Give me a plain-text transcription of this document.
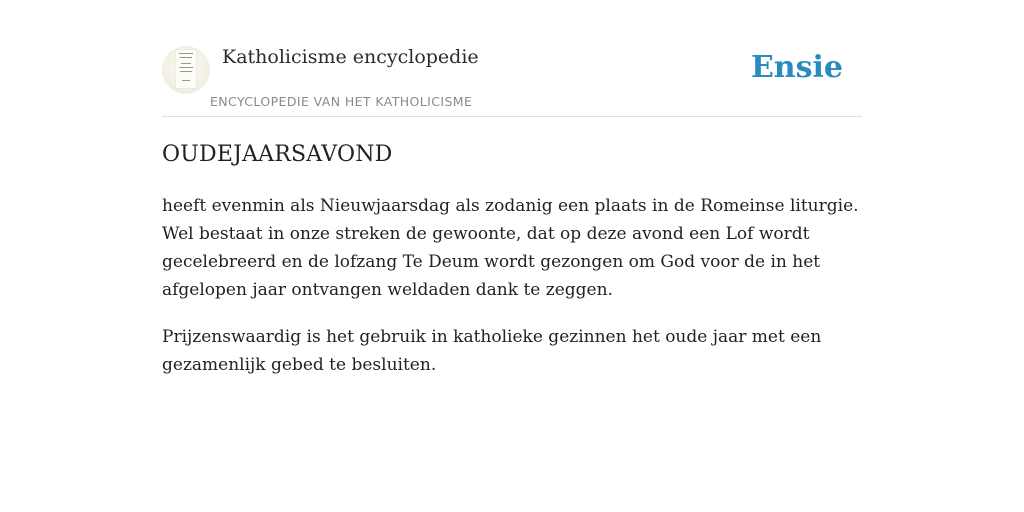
Katholicisme encyclopedie
ENCYCLOPEDIE VAN HET KATHOLICISME
Ensie
OUDEJAARSAVOND

heeft evenmin als Nieuwjaarsdag als zodanig een plaats in de Romeinse liturgie. Wel bestaat in onze streken de gewoonte, dat op deze avond een Lof wordt gecelebreerd en de lofzang Te Deum wordt gezongen om God voor de in het afgelopen jaar ontvangen weldaden dank te zeggen.

Prijzenswaardig is het gebruik in katholieke gezinnen het oude jaar met een gezamenlijk gebed te besluiten.
